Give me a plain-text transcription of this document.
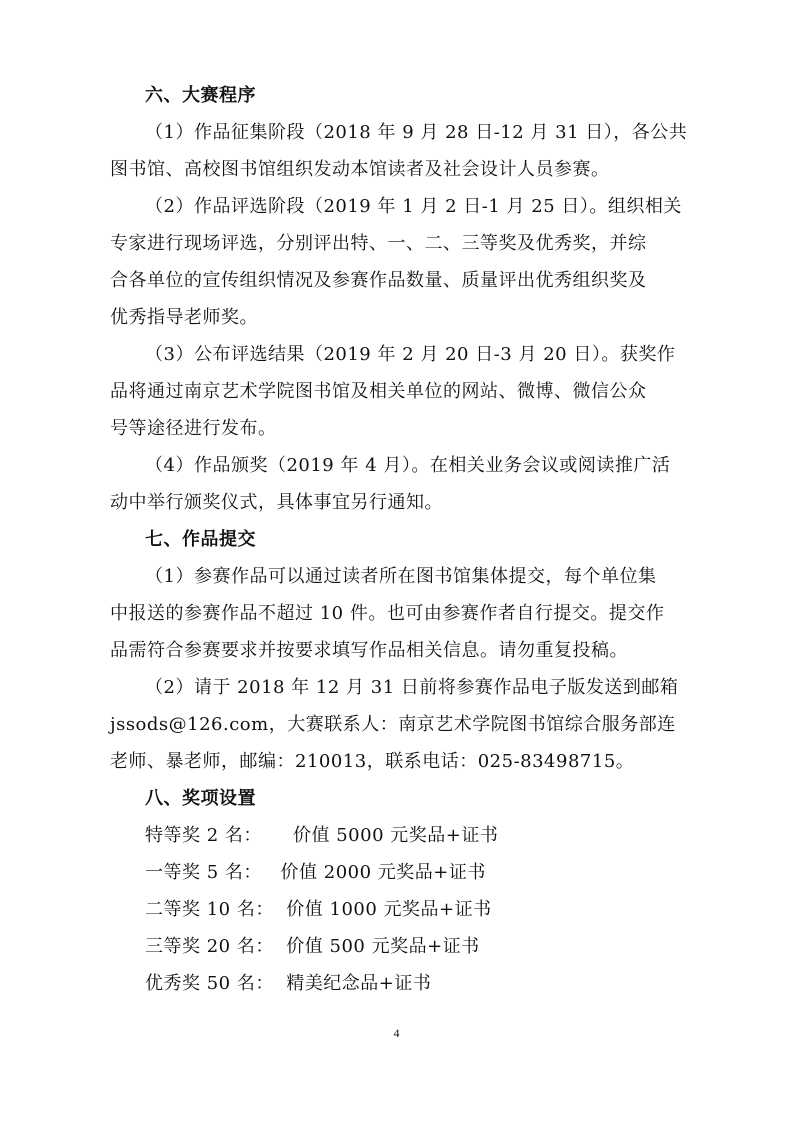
六、大赛程序
（1）作品征集阶段（2018 年 9 月 28 日-12 月 31 日），各公共
图书馆、高校图书馆组织发动本馆读者及社会设计人员参赛。
（2）作品评选阶段（2019 年 1 月 2 日-1 月 25 日）。组织相关
专家进行现场评选，分别评出特、一、二、三等奖及优秀奖，并综
合各单位的宣传组织情况及参赛作品数量、质量评出优秀组织奖及
优秀指导老师奖。
（3）公布评选结果（2019 年 2 月 20 日-3 月 20 日）。获奖作
品将通过南京艺术学院图书馆及相关单位的网站、微博、微信公众
号等途径进行发布。
（4）作品颁奖（2019 年 4 月）。在相关业务会议或阅读推广活
动中举行颁奖仪式，具体事宜另行通知。
七、作品提交
（1）参赛作品可以通过读者所在图书馆集体提交，每个单位集
中报送的参赛作品不超过 10 件。也可由参赛作者自行提交。提交作
品需符合参赛要求并按要求填写作品相关信息。请勿重复投稿。
（2）请于 2018 年 12 月 31 日前将参赛作品电子版发送到邮箱
jssods@126.com，大赛联系人：南京艺术学院图书馆综合服务部连
老师、暴老师，邮编：210013，联系电话：025-83498715。
八、奖项设置
特等奖 2 名：     价值 5000 元奖品+证书
一等奖 5 名：   价值 2000 元奖品+证书
二等奖 10 名：  价值 1000 元奖品+证书
三等奖 20 名：  价值 500 元奖品+证书
优秀奖 50 名：  精美纪念品+证书
4
